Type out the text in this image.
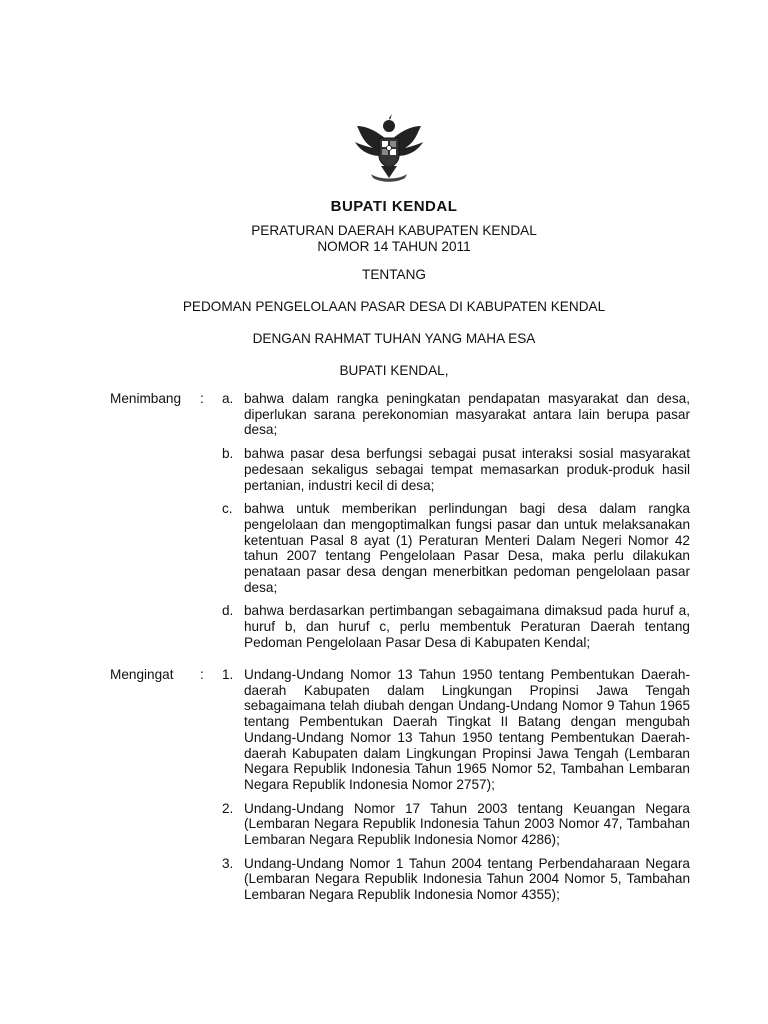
BUPATI KENDAL
PERATURAN DAERAH KABUPATEN KENDAL
NOMOR 14 TAHUN 2011
TENTANG
PEDOMAN PENGELOLAAN PASAR DESA DI KABUPATEN KENDAL
DENGAN RAHMAT TUHAN YANG MAHA ESA
BUPATI KENDAL,
Menimbang : a. bahwa dalam rangka peningkatan pendapatan masyarakat dan desa, diperlukan sarana perekonomian masyarakat antara lain berupa pasar desa;
b. bahwa pasar desa berfungsi sebagai pusat interaksi sosial masyarakat pedesaan sekaligus sebagai tempat memasarkan produk-produk hasil pertanian, industri kecil di desa;
c. bahwa untuk memberikan perlindungan bagi desa dalam rangka pengelolaan dan mengoptimalkan fungsi pasar dan untuk melaksanakan ketentuan Pasal 8 ayat (1) Peraturan Menteri Dalam Negeri Nomor 42 tahun 2007 tentang Pengelolaan Pasar Desa, maka perlu dilakukan penataan pasar desa dengan menerbitkan pedoman pengelolaan pasar desa;
d. bahwa berdasarkan pertimbangan sebagaimana dimaksud pada huruf a, huruf b, dan huruf c, perlu membentuk Peraturan Daerah tentang Pedoman Pengelolaan Pasar Desa di Kabupaten Kendal;
Mengingat : 1. Undang-Undang Nomor 13 Tahun 1950 tentang Pembentukan Daerah-daerah Kabupaten dalam Lingkungan Propinsi Jawa Tengah sebagaimana telah diubah dengan Undang-Undang Nomor 9 Tahun 1965 tentang Pembentukan Daerah Tingkat II Batang dengan mengubah Undang-Undang Nomor 13 Tahun 1950 tentang Pembentukan Daerah-daerah Kabupaten dalam Lingkungan Propinsi Jawa Tengah (Lembaran Negara Republik Indonesia Tahun 1965 Nomor 52, Tambahan Lembaran Negara Republik Indonesia Nomor 2757);
2. Undang-Undang Nomor 17 Tahun 2003 tentang Keuangan Negara (Lembaran Negara Republik Indonesia Tahun 2003 Nomor 47, Tambahan Lembaran Negara Republik Indonesia Nomor 4286);
3. Undang-Undang Nomor 1 Tahun 2004 tentang Perbendaharaan Negara (Lembaran Negara Republik Indonesia Tahun 2004 Nomor 5, Tambahan Lembaran Negara Republik Indonesia Nomor 4355);
